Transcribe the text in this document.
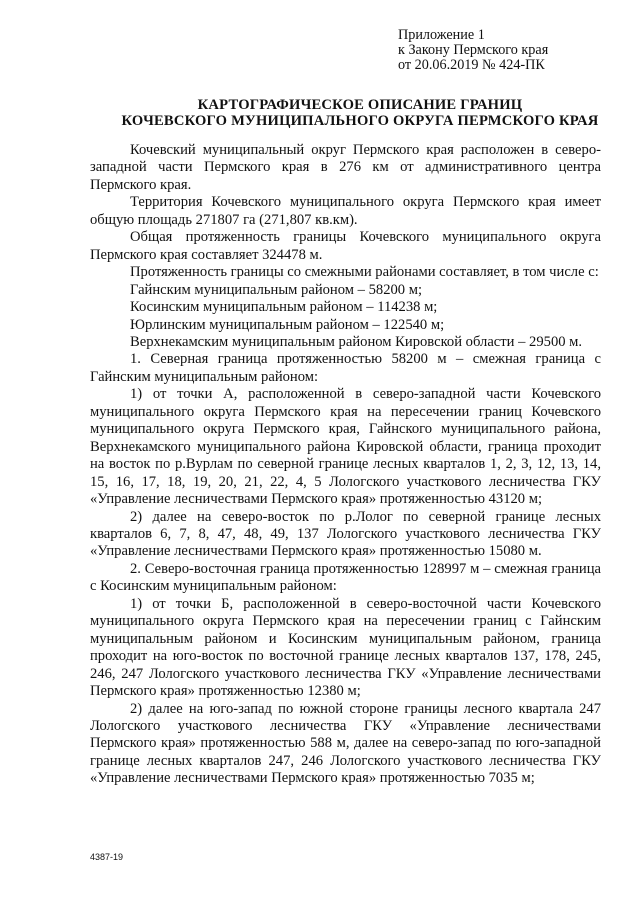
Приложение 1
к Закону Пермского края
от 20.06.2019 № 424-ПК
КАРТОГРАФИЧЕСКОЕ ОПИСАНИЕ ГРАНИЦ
КОЧЕВСКОГО МУНИЦИПАЛЬНОГО ОКРУГА ПЕРМСКОГО КРАЯ

Кочевский муниципальный округ Пермского края расположен в северо-западной части Пермского края в 276 км от административного центра Пермского края.

Территория Кочевского муниципального округа Пермского края имеет общую площадь 271807 га (271,807 кв.км).

Общая протяженность границы Кочевского муниципального округа Пермского края составляет 324478 м.

Протяженность границы со смежными районами составляет, в том числе с:

Гайнским муниципальным районом – 58200 м;

Косинским муниципальным районом – 114238 м;

Юрлинским муниципальным районом – 122540 м;

Верхнекамским муниципальным районом Кировской области – 29500 м.

1. Северная граница протяженностью 58200 м – смежная граница с Гайнским муниципальным районом:

1) от точки А, расположенной в северо-западной части Кочевского муниципального округа Пермского края на пересечении границ Кочевского муниципального округа Пермского края, Гайнского муниципального района, Верхнекамского муниципального района Кировской области, граница проходит на восток по р.Вурлам по северной границе лесных кварталов 1, 2, 3, 12, 13, 14, 15, 16, 17, 18, 19, 20, 21, 22, 4, 5 Лологского участкового лесничества ГКУ «Управление лесничествами Пермского края» протяженностью 43120 м;

2) далее на северо-восток по р.Лолог по северной границе лесных кварталов 6, 7, 8, 47, 48, 49, 137 Лологского участкового лесничества ГКУ «Управление лесничествами Пермского края» протяженностью 15080 м.

2. Северо-восточная граница протяженностью 128997 м – смежная граница с Косинским муниципальным районом:

1) от точки Б, расположенной в северо-восточной части Кочевского муниципального округа Пермского края на пересечении границ с Гайнским муниципальным районом и Косинским муниципальным районом, граница проходит на юго-восток по восточной границе лесных кварталов 137, 178, 245, 246, 247 Лологского участкового лесничества ГКУ «Управление лесничествами Пермского края» протяженностью 12380 м;

2) далее на юго-запад по южной стороне границы лесного квартала 247 Лологского участкового лесничества ГКУ «Управление лесничествами Пермского края» протяженностью 588 м, далее на северо-запад по юго-западной границе лесных кварталов 247, 246 Лологского участкового лесничества ГКУ «Управление лесничествами Пермского края» протяженностью 7035 м;

4387-19
